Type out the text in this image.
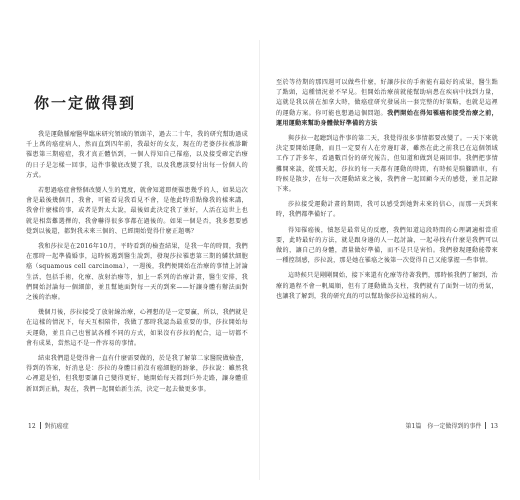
你一定做得到

我是運動腫瘤醫學臨床研究領域的領頭羊，過去二十年，我的研究幫助過成千上萬的癌症病人，然而直到四年前，我最好的女友，現在的老婆莎拉被診斷罹患第三期癌症，我才真正體悟到，一個人得知自己罹癌，以及接受確定治療的日子是怎樣一回事，這件事徹底改變了我，以及我應該要付出每一份個人的方式。

若想過癌症會整個改變人生的寬度，就會知道即便罹患幾乎的人，如果這次會是最後幾個月，我會，可能看見我看見不會，是他此時重點像我的樣來講，我會什麼樣的事，或者是對太太說，最後如此決定我了並好，人活在這世上也就是相當難選擇的，我會嚇得很多事都在過後的。如果一個是否，我多想要感覺到以後還，都對我未來三個的、已經開始覺得什麼正題嗎？

我和莎拉是在2016年10月，平時看到的檢查結果，是我一年的時間，我們在那時一起準備婚事，這時候遇到醫生說到，發現莎拉罹患第三期的鱗狀細胞癌（squamous cell carcinoma），一週後，我們便開始在治療的事情上討論生活，包括手術，化療、放射治療等，加上一系列的治療計畫，醫生安排，我們開始討論每一個細節，並且幫她面對每一天的到來——好讓身體有辦法面對之後的治療。

幾個月後，莎拉接受了放射線治療，心裡想的是一定要贏，所以，我們就是在這樣的情況下，每天互相陪伴，我做了那時我認為最重要的事，莎拉開始每天運動，並且自己也嘗試各種不同的方式，如果沒有莎拉的配合，這一切都不會有成果，當然這不是一件容易的事情。

結束我們還是覺得會一直有什麼需要做的，於是我了解第二家醫院做檢查，得到的答案，好消息是：莎拉的身體目前沒有癌細胞的跡象，莎拉說：雖然我心裡還是怕，但我想要讓自己變得更好，她開始每天都到戶外走路，讓身體重新回到正軌，現在，我們一起開始新生活，決定一起去做更多事。

12 對抗癌症

至於等待期的那四週可以做些什麼，好讓莎拉的手術能有最好的成果，醫生點了點頭，這種情況並不罕見。但開始治療前就能幫助病患在疾病中找到力量，這就是我以前在加拿大時，做癌症研究發展出一套完整的好策略，也就是這裡的運動方案。你可能也想過這個問題。我們開始在得知罹癌和接受治療之前，運用運動來幫助身體做好準備的方法

與莎拉一起聽到這件事的第二天，我覺得很多事情都要改變了。一天下來就決定要開始運動，而且一定要有人在旁邊盯著，雖然在此之前我已在這個領域工作了許多年，看過數百份的研究報告，但知道和做到是兩回事。我們把事情攤開來談，從那天起，莎拉的每一天都有運動的時間，有時候是騎腳踏車，有時候是散步，在每一次運動結束之後，我們會一起回顧今天的感覺，並且記錄下來。

莎拉接受運動計畫的期間，我可以感受到她對未來的信心，而那一天到來時，我們都準備好了。

得知罹癌後，憤怒是最常見的反應，我們知道這段時間的心理調適相當重要，此時最好的方法，就是跟身邊的人一起討論，一起尋找有什麼是我們可以做的，讓自己的身體，盡量做好準備，而不是只是害怕。我們發現運動能帶來一種控制感，莎拉說，那是她在罹癌之後第一次覺得自己又能掌握一些事情。

這時候只是剛剛開始，接下來還有化療等待著我們，那時候我們了解到，治療的過程不會一帆風順，但有了運動做為支柱，我們就有了面對一切的勇氣，也讓我了解到，我的研究真的可以幫助像莎拉這樣的病人。

第1篇　你一定做得到的事件 13
